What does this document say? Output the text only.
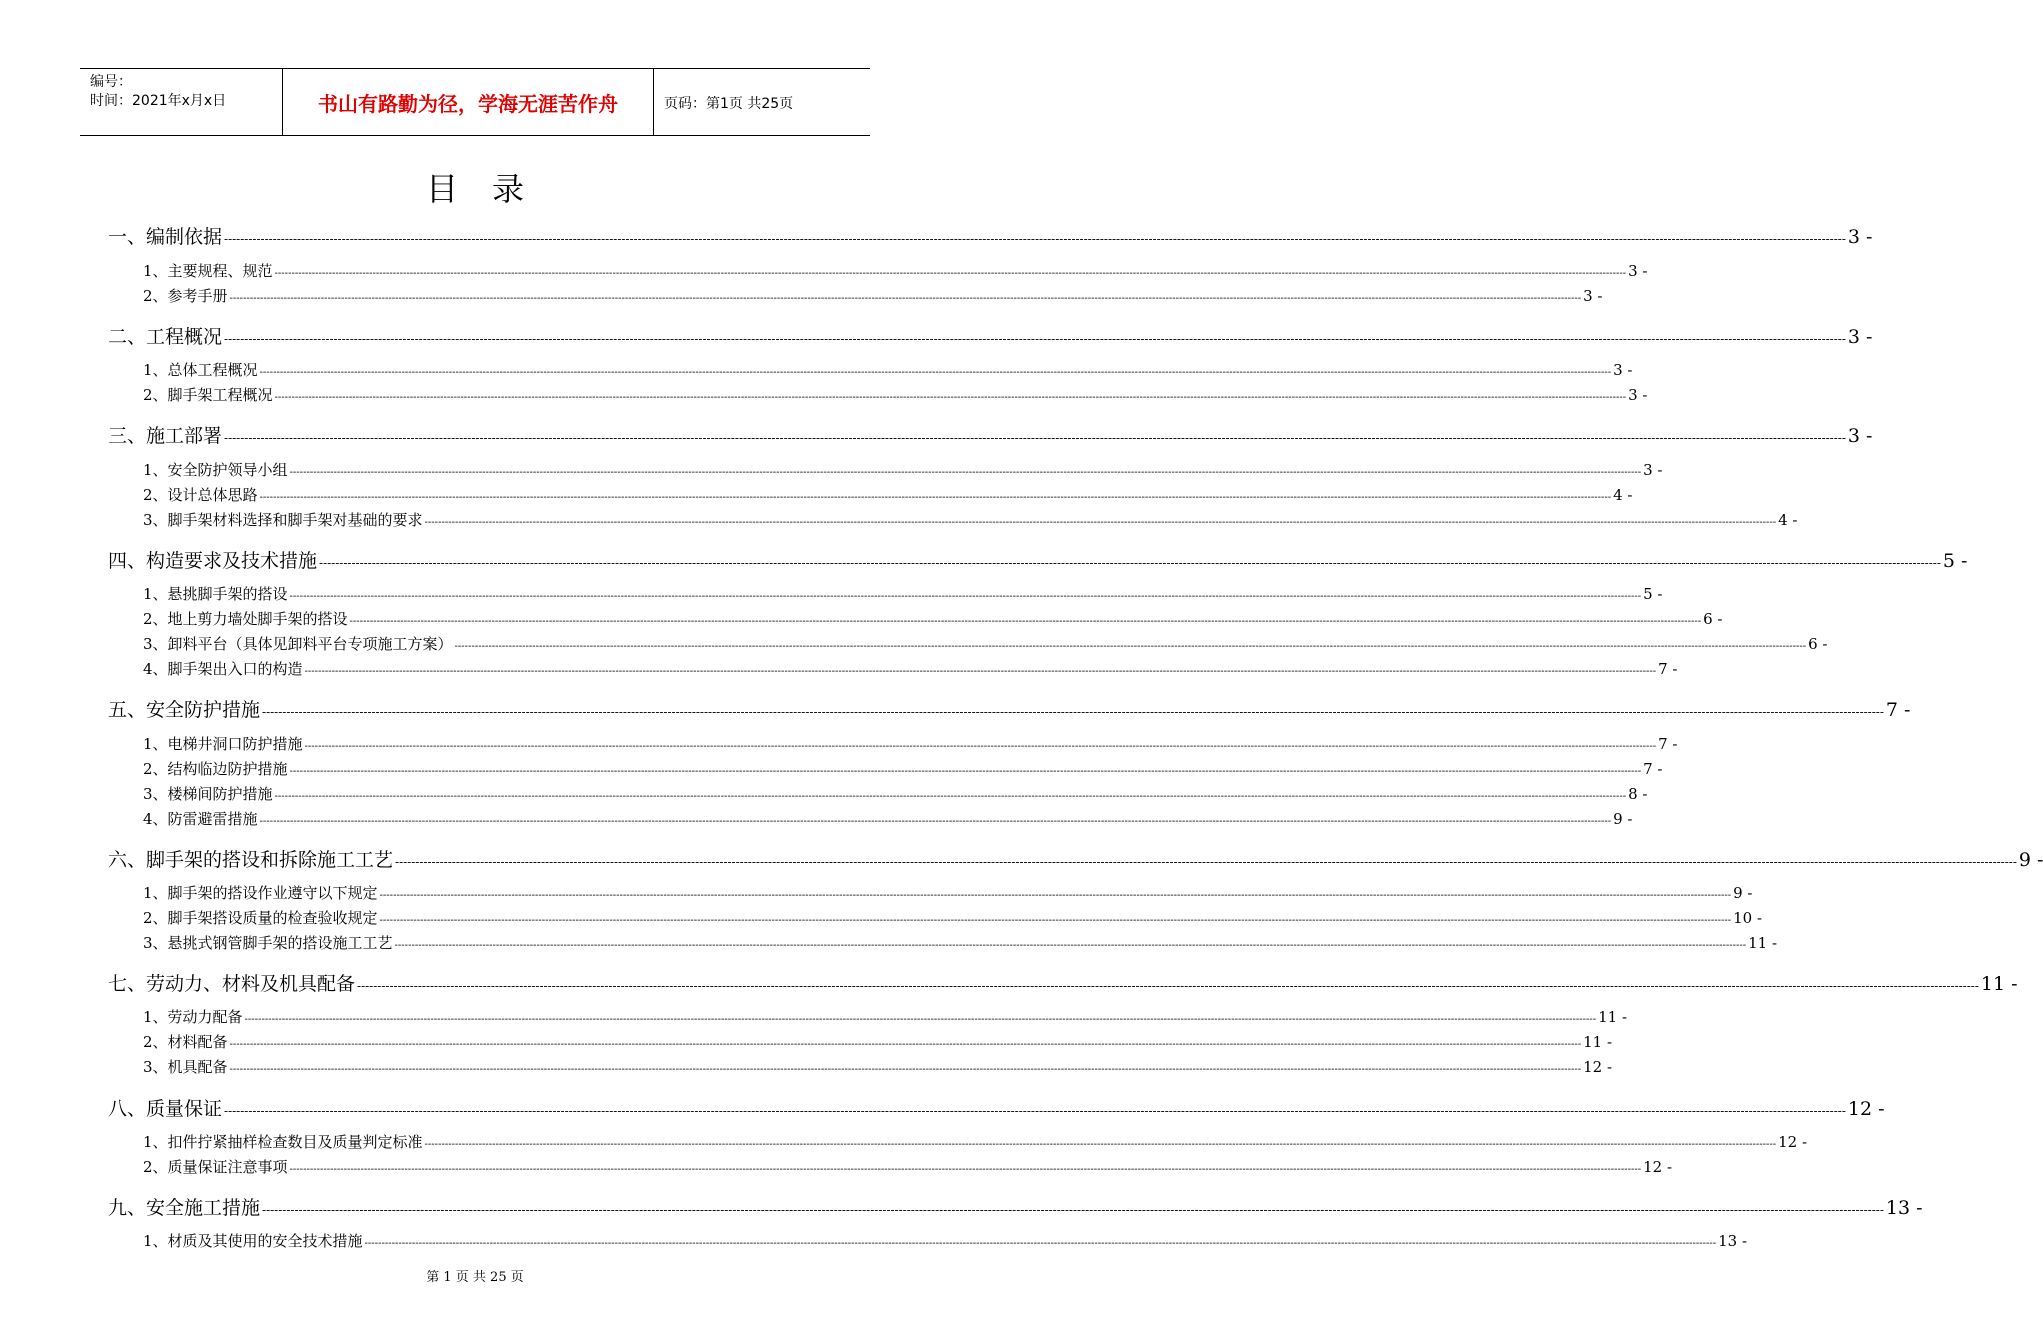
编号：
时间：2021年x月x日	书山有路勤为径，学海无涯苦作舟	页码：第1页 共25页
目录
一、编制依据 ---------------------------------------------------------------------------------------------------------------------------------------------------------------------------------------------------------------------------------------------------------------------------------------------------------------------------------------------------------------------------------------------------------------- 3 -
1、主要规程、规范 ---------------------------------------------------------------------------------------------------------------------------------------------------------------------------------------------------------------------------------------------------------------------------------------------------------------------------------------------------------------------------------------------------------------- 3 -
2、参考手册 ---------------------------------------------------------------------------------------------------------------------------------------------------------------------------------------------------------------------------------------------------------------------------------------------------------------------------------------------------------------------------------------------------------------- 3 -
二、工程概况 ---------------------------------------------------------------------------------------------------------------------------------------------------------------------------------------------------------------------------------------------------------------------------------------------------------------------------------------------------------------------------------------------------------------- 3 -
1、总体工程概况 ---------------------------------------------------------------------------------------------------------------------------------------------------------------------------------------------------------------------------------------------------------------------------------------------------------------------------------------------------------------------------------------------------------------- 3 -
2、脚手架工程概况 ---------------------------------------------------------------------------------------------------------------------------------------------------------------------------------------------------------------------------------------------------------------------------------------------------------------------------------------------------------------------------------------------------------------- 3 -
三、施工部署 ---------------------------------------------------------------------------------------------------------------------------------------------------------------------------------------------------------------------------------------------------------------------------------------------------------------------------------------------------------------------------------------------------------------- 3 -
1、安全防护领导小组 ---------------------------------------------------------------------------------------------------------------------------------------------------------------------------------------------------------------------------------------------------------------------------------------------------------------------------------------------------------------------------------------------------------------- 3 -
2、设计总体思路 ---------------------------------------------------------------------------------------------------------------------------------------------------------------------------------------------------------------------------------------------------------------------------------------------------------------------------------------------------------------------------------------------------------------- 4 -
3、脚手架材料选择和脚手架对基础的要求 ---------------------------------------------------------------------------------------------------------------------------------------------------------------------------------------------------------------------------------------------------------------------------------------------------------------------------------------------------------------------------------------------------------------- 4 -
四、构造要求及技术措施 ---------------------------------------------------------------------------------------------------------------------------------------------------------------------------------------------------------------------------------------------------------------------------------------------------------------------------------------------------------------------------------------------------------------- 5 -
1、悬挑脚手架的搭设 ---------------------------------------------------------------------------------------------------------------------------------------------------------------------------------------------------------------------------------------------------------------------------------------------------------------------------------------------------------------------------------------------------------------- 5 -
2、地上剪力墙处脚手架的搭设 ---------------------------------------------------------------------------------------------------------------------------------------------------------------------------------------------------------------------------------------------------------------------------------------------------------------------------------------------------------------------------------------------------------------- 6 -
3、卸料平台（具体见卸料平台专项施工方案） ---------------------------------------------------------------------------------------------------------------------------------------------------------------------------------------------------------------------------------------------------------------------------------------------------------------------------------------------------------------------------------------------------------------- 6 -
4、脚手架出入口的构造 ---------------------------------------------------------------------------------------------------------------------------------------------------------------------------------------------------------------------------------------------------------------------------------------------------------------------------------------------------------------------------------------------------------------- 7 -
五、安全防护措施 ---------------------------------------------------------------------------------------------------------------------------------------------------------------------------------------------------------------------------------------------------------------------------------------------------------------------------------------------------------------------------------------------------------------- 7 -
1、电梯井洞口防护措施 ---------------------------------------------------------------------------------------------------------------------------------------------------------------------------------------------------------------------------------------------------------------------------------------------------------------------------------------------------------------------------------------------------------------- 7 -
2、结构临边防护措施 ---------------------------------------------------------------------------------------------------------------------------------------------------------------------------------------------------------------------------------------------------------------------------------------------------------------------------------------------------------------------------------------------------------------- 7 -
3、楼梯间防护措施 ---------------------------------------------------------------------------------------------------------------------------------------------------------------------------------------------------------------------------------------------------------------------------------------------------------------------------------------------------------------------------------------------------------------- 8 -
4、防雷避雷措施 ---------------------------------------------------------------------------------------------------------------------------------------------------------------------------------------------------------------------------------------------------------------------------------------------------------------------------------------------------------------------------------------------------------------- 9 -
六、脚手架的搭设和拆除施工工艺 ---------------------------------------------------------------------------------------------------------------------------------------------------------------------------------------------------------------------------------------------------------------------------------------------------------------------------------------------------------------------------------------------------------------- 9 -
1、脚手架的搭设作业遵守以下规定 ---------------------------------------------------------------------------------------------------------------------------------------------------------------------------------------------------------------------------------------------------------------------------------------------------------------------------------------------------------------------------------------------------------------- 9 -
2、脚手架搭设质量的检查验收规定 ---------------------------------------------------------------------------------------------------------------------------------------------------------------------------------------------------------------------------------------------------------------------------------------------------------------------------------------------------------------------------------------------------------------- 10 -
3、悬挑式钢管脚手架的搭设施工工艺 ---------------------------------------------------------------------------------------------------------------------------------------------------------------------------------------------------------------------------------------------------------------------------------------------------------------------------------------------------------------------------------------------------------------- 11 -
七、劳动力、材料及机具配备 ---------------------------------------------------------------------------------------------------------------------------------------------------------------------------------------------------------------------------------------------------------------------------------------------------------------------------------------------------------------------------------------------------------------- 11 -
1、劳动力配备 ---------------------------------------------------------------------------------------------------------------------------------------------------------------------------------------------------------------------------------------------------------------------------------------------------------------------------------------------------------------------------------------------------------------- 11 -
2、材料配备 ---------------------------------------------------------------------------------------------------------------------------------------------------------------------------------------------------------------------------------------------------------------------------------------------------------------------------------------------------------------------------------------------------------------- 11 -
3、机具配备 ---------------------------------------------------------------------------------------------------------------------------------------------------------------------------------------------------------------------------------------------------------------------------------------------------------------------------------------------------------------------------------------------------------------- 12 -
八、质量保证 ---------------------------------------------------------------------------------------------------------------------------------------------------------------------------------------------------------------------------------------------------------------------------------------------------------------------------------------------------------------------------------------------------------------- 12 -
1、扣件拧紧抽样检查数目及质量判定标准 ---------------------------------------------------------------------------------------------------------------------------------------------------------------------------------------------------------------------------------------------------------------------------------------------------------------------------------------------------------------------------------------------------------------- 12 -
2、质量保证注意事项 ---------------------------------------------------------------------------------------------------------------------------------------------------------------------------------------------------------------------------------------------------------------------------------------------------------------------------------------------------------------------------------------------------------------- 12 -
九、安全施工措施 ---------------------------------------------------------------------------------------------------------------------------------------------------------------------------------------------------------------------------------------------------------------------------------------------------------------------------------------------------------------------------------------------------------------- 13 -
1、材质及其使用的安全技术措施 ---------------------------------------------------------------------------------------------------------------------------------------------------------------------------------------------------------------------------------------------------------------------------------------------------------------------------------------------------------------------------------------------------------------- 13 -
第 1 页 共 25 页
